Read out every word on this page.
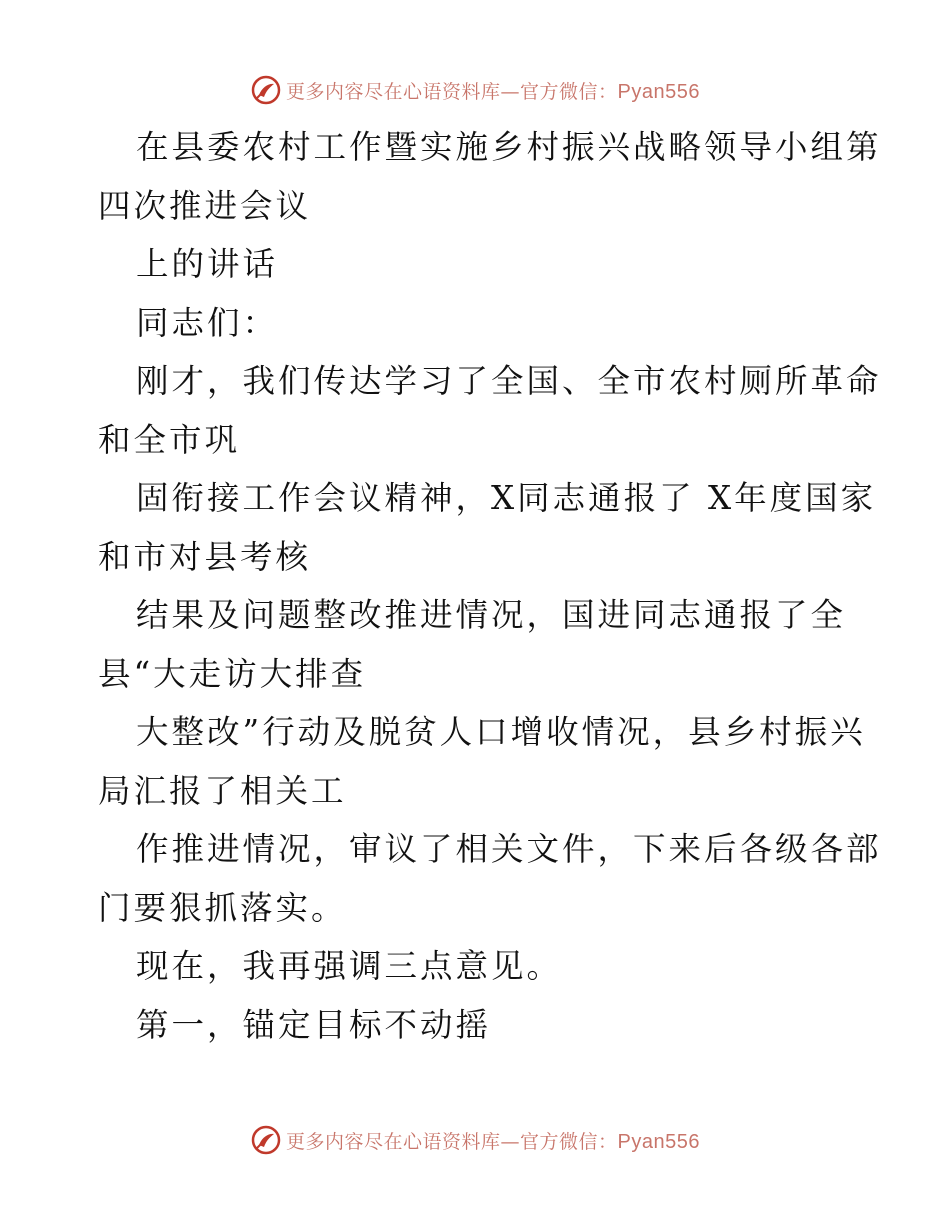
更多内容尽在心语资料库—官方微信：Pyan556

在县委农村工作暨实施乡村振兴战略领导小组第

四次推进会议

上的讲话

同志们：

刚才，我们传达学习了全国、全市农村厕所革命

和全市巩

固衔接工作会议精神，X同志通报了 X年度国家

和市对县考核

结果及问题整改推进情况，国进同志通报了全

县“大走访大排查

大整改”行动及脱贫人口增收情况，县乡村振兴

局汇报了相关工

作推进情况，审议了相关文件，下来后各级各部

门要狠抓落实。

现在，我再强调三点意见。

第一，锚定目标不动摇

更多内容尽在心语资料库—官方微信：Pyan556
